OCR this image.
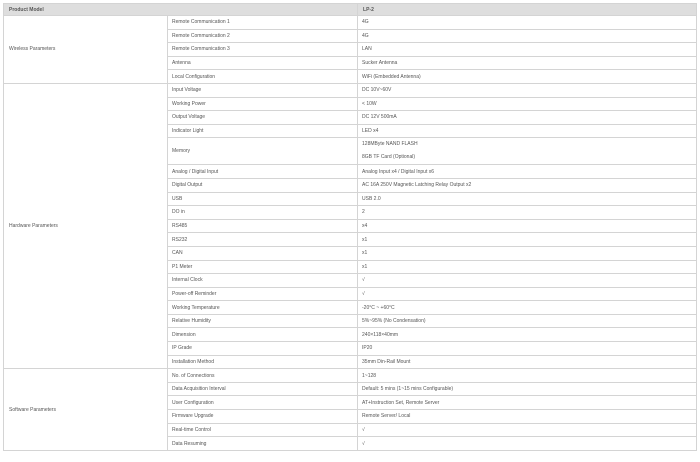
Product Model		LP-2
Wireless Parameters	Remote Communication 1	4G
	Remote Communication 2	4G
	Remote Communication 3	LAN
	Antenna	Sucker Antenna
	Local Configuration	WiFi (Embedded Antenna)
Hardware Parameters	Input Voltage	DC 10V~60V
	Working Power	< 10W
	Output Voltage	DC 12V 500mA
	Indicator Light	LED x4
	Memory	128MByte NAND FLASH
8GB TF Card (Optional)

	Analog / Digital Input	Analog Input x4 / Digital Input x6
	Digital Output	AC 16A 250V Magnetic Latching Relay Output x2
	USB	USB 2.0
	DO in	2
	RS485	x4
	RS232	x1
	CAN	x1
	P1 Meter	x1
	Internal Clock	√
	Power-off Reminder	√
	Working Temperature	-20°C ~ +60°C
	Relative Humidity	5%~95% (No Condensation)
	Dimension	240×118×40mm
	IP Grade	IP20
	Installation Method	35mm Din-Rail Mount
Software Parameters	No. of Connections	1~128
	Data Acquisition Interval	Default: 5 mins (1~15 mins Configurable)
	User Configuration	AT+Instruction Set, Remote Server
	Firmware Upgrade	Remote Server/ Local
	Real-time Control	√
	Data Resuming	√
